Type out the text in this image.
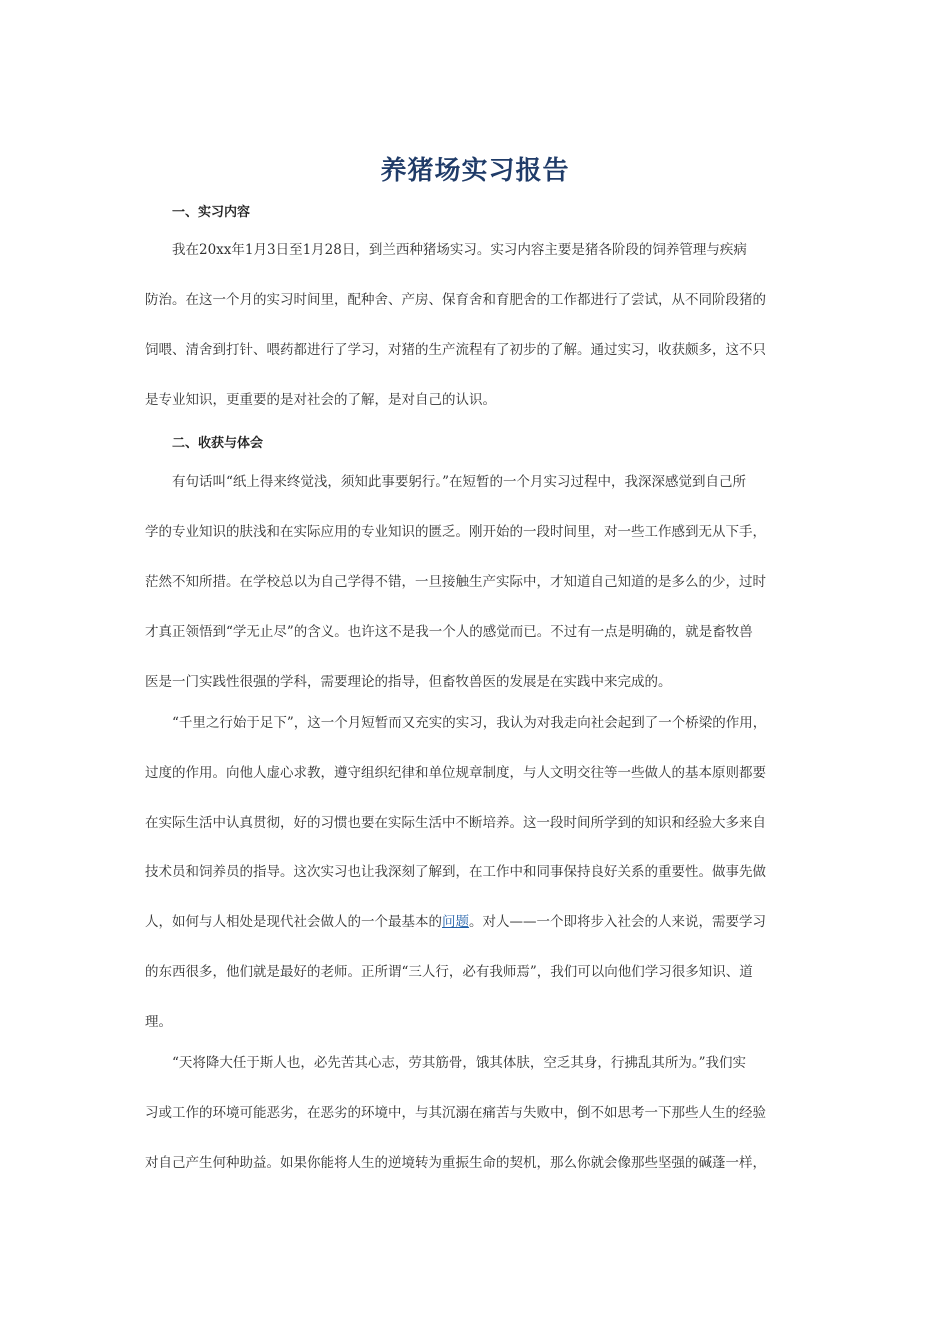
养猪场实习报告
一、实习内容
我在20xx年1月3日至1月28日，到兰西种猪场实习。实习内容主要是猪各阶段的饲养管理与疾病
防治。在这一个月的实习时间里，配种舍、产房、保育舍和育肥舍的工作都进行了尝试，从不同阶段猪的
饲喂、清舍到打针、喂药都进行了学习，对猪的生产流程有了初步的了解。通过实习，收获颇多，这不只
是专业知识，更重要的是对社会的了解，是对自己的认识。
二、收获与体会
有句话叫“纸上得来终觉浅，须知此事要躬行。”在短暂的一个月实习过程中，我深深感觉到自己所
学的专业知识的肤浅和在实际应用的专业知识的匮乏。刚开始的一段时间里，对一些工作感到无从下手，
茫然不知所措。在学校总以为自己学得不错，一旦接触生产实际中，才知道自己知道的是多么的少，过时
才真正领悟到“学无止尽”的含义。也许这不是我一个人的感觉而已。不过有一点是明确的，就是畜牧兽
医是一门实践性很强的学科，需要理论的指导，但畜牧兽医的发展是在实践中来完成的。
“千里之行始于足下”，这一个月短暂而又充实的实习，我认为对我走向社会起到了一个桥梁的作用，
过度的作用。向他人虚心求教，遵守组织纪律和单位规章制度，与人文明交往等一些做人的基本原则都要
在实际生活中认真贯彻，好的习惯也要在实际生活中不断培养。这一段时间所学到的知识和经验大多来自
技术员和饲养员的指导。这次实习也让我深刻了解到，在工作中和同事保持良好关系的重要性。做事先做
人，如何与人相处是现代社会做人的一个最基本的问题。对人——一个即将步入社会的人来说，需要学习
的东西很多，他们就是最好的老师。正所谓“三人行，必有我师焉”，我们可以向他们学习很多知识、道
理。
“天将降大任于斯人也，必先苦其心志，劳其筋骨，饿其体肤，空乏其身，行拂乱其所为。”我们实
习或工作的环境可能恶劣，在恶劣的环境中，与其沉溺在痛苦与失败中，倒不如思考一下那些人生的经验
对自己产生何种助益。如果你能将人生的逆境转为重振生命的契机，那么你就会像那些坚强的碱蓬一样，
